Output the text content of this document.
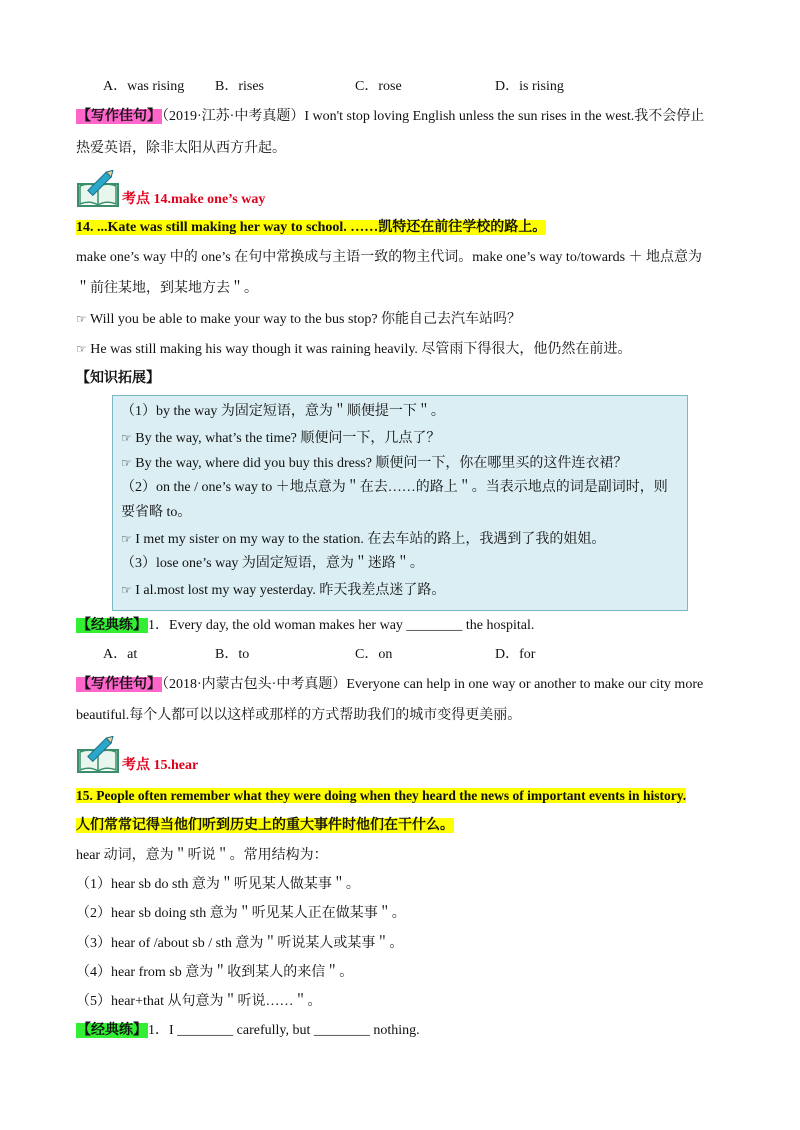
A．was rising B．rises	C．rose	D．is rising
【写作佳句】（2019·江苏·中考真题）I won't stop loving English unless the sun rises in the west.我不会停止
热爱英语，除非太阳从西方升起。
考点 14.make one’s way
14. ...Kate was still making her way to school. ……凯特还在前往学校的路上。
make one’s way 中的 one’s 在句中常换成与主语一致的物主代词。make one’s way to/towards ＋ 地点意为
＂前往某地，到某地方去＂。
☞ Will you be able to make your way to the bus stop? 你能自己去汽车站吗？
☞ He was still making his way though it was raining heavily. 尽管雨下得很大，他仍然在前进。
【知识拓展】
（1）by the way 为固定短语，意为＂顺便提一下＂。
☞ By the way, what’s the time? 顺便问一下，几点了？
☞ By the way, where did you buy this dress? 顺便问一下，你在哪里买的这件连衣裙？
（2）on the / one’s way to ＋地点意为＂在去……的路上＂。当表示地点的词是副词时，则
要省略 to。
☞ I met my sister on my way to the station. 在去车站的路上，我遇到了我的姐姐。
（3）lose one’s way 为固定短语，意为＂迷路＂。
☞ I al.most lost my way yesterday. 昨天我差点迷了路。
【经典练】1．Every day, the old woman makes her way ________ the hospital.
A．at	B．to	C．on	D．for
【写作佳句】（2018·内蒙古包头·中考真题）Everyone can help in one way or another to make our city more
beautiful.每个人都可以以这样或那样的方式帮助我们的城市变得更美丽。
考点 15.hear
15. People often remember what they were doing when they heard the news of important events in history.
人们常常记得当他们听到历史上的重大事件时他们在干什么。
hear 动词，意为＂听说＂。常用结构为：
（1）hear sb do sth 意为＂听见某人做某事＂。
（2）hear sb doing sth 意为＂听见某人正在做某事＂。
（3）hear of /about sb / sth 意为＂听说某人或某事＂。
（4）hear from sb 意为＂收到某人的来信＂。
（5）hear+that 从句意为＂听说……＂。
【经典练】1．I ________ carefully, but ________ nothing.
